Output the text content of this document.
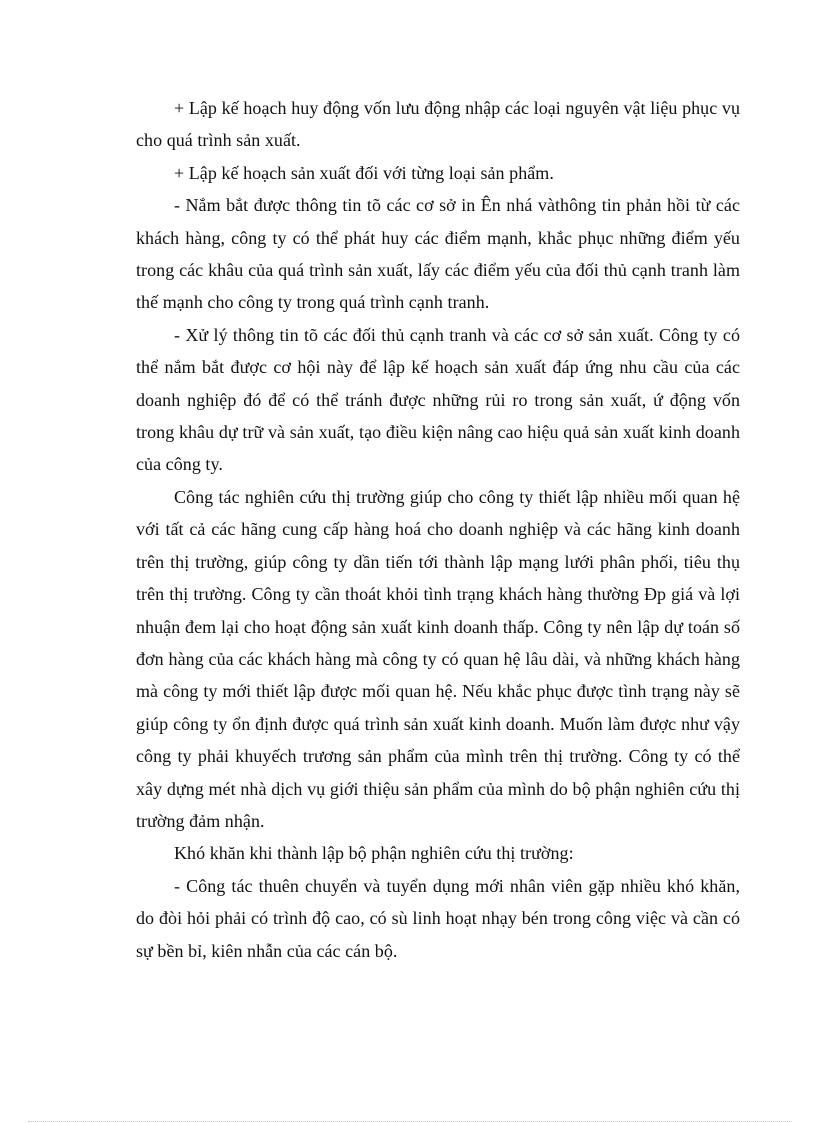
+ Lập kế hoạch huy động vốn lưu động nhập các loại nguyên vật liệu phục vụ cho quá trình sản xuất.

+ Lập kế hoạch sản xuất đối với từng loại sản phẩm.

- Nắm bắt được thông tin tõ các cơ sở in Ên nhá vàthông tin phản hồi từ các khách hàng, công ty có thể phát huy các điểm mạnh, khắc phục những điểm yếu trong các khâu của quá trình sản xuất, lấy các điểm yếu của đối thủ cạnh tranh làm thế mạnh cho công ty trong quá trình cạnh tranh.

- Xử lý thông tin tõ các đối thủ cạnh tranh và các cơ sở sản xuất. Công ty có thể nắm bắt được cơ hội này để lập kế hoạch sản xuất đáp ứng nhu cầu của các doanh nghiệp đó để có thể tránh được những rủi ro trong sản xuất, ứ động vốn trong khâu dự trữ và sản xuất, tạo điều kiện nâng cao hiệu quả sản xuất kinh doanh của công ty.

Công tác nghiên cứu thị trường giúp cho công ty thiết lập nhiều mối quan hệ với tất cả các hãng cung cấp hàng hoá cho doanh nghiệp và các hãng kinh doanh trên thị trường, giúp công ty dần tiến tới thành lập mạng lưới phân phối, tiêu thụ trên thị trường. Công ty cần thoát khỏi tình trạng khách hàng thường Ðp giá và lợi nhuận đem lại cho hoạt động sản xuất kinh doanh thấp. Công ty nên lập dự toán số đơn hàng của các khách hàng mà công ty có quan hệ lâu dài, và những khách hàng mà công ty mới thiết lập được mối quan hệ. Nếu khắc phục được tình trạng này sẽ giúp công ty ổn định được quá trình sản xuất kinh doanh. Muốn làm được như vậy công ty phải khuyếch trương sản phẩm của mình trên thị trường. Công ty có thể xây dựng mét nhà dịch vụ giới thiệu sản phẩm của mình do bộ phận nghiên cứu thị trường đảm nhận.

Khó khăn khi thành lập bộ phận nghiên cứu thị trường:

- Công tác thuên chuyển và tuyển dụng mới nhân viên gặp nhiều khó khăn, do đòi hỏi phải có trình độ cao, có sù linh hoạt nhạy bén trong công việc và cần có sự bền bỉ, kiên nhẫn của các cán bộ.
